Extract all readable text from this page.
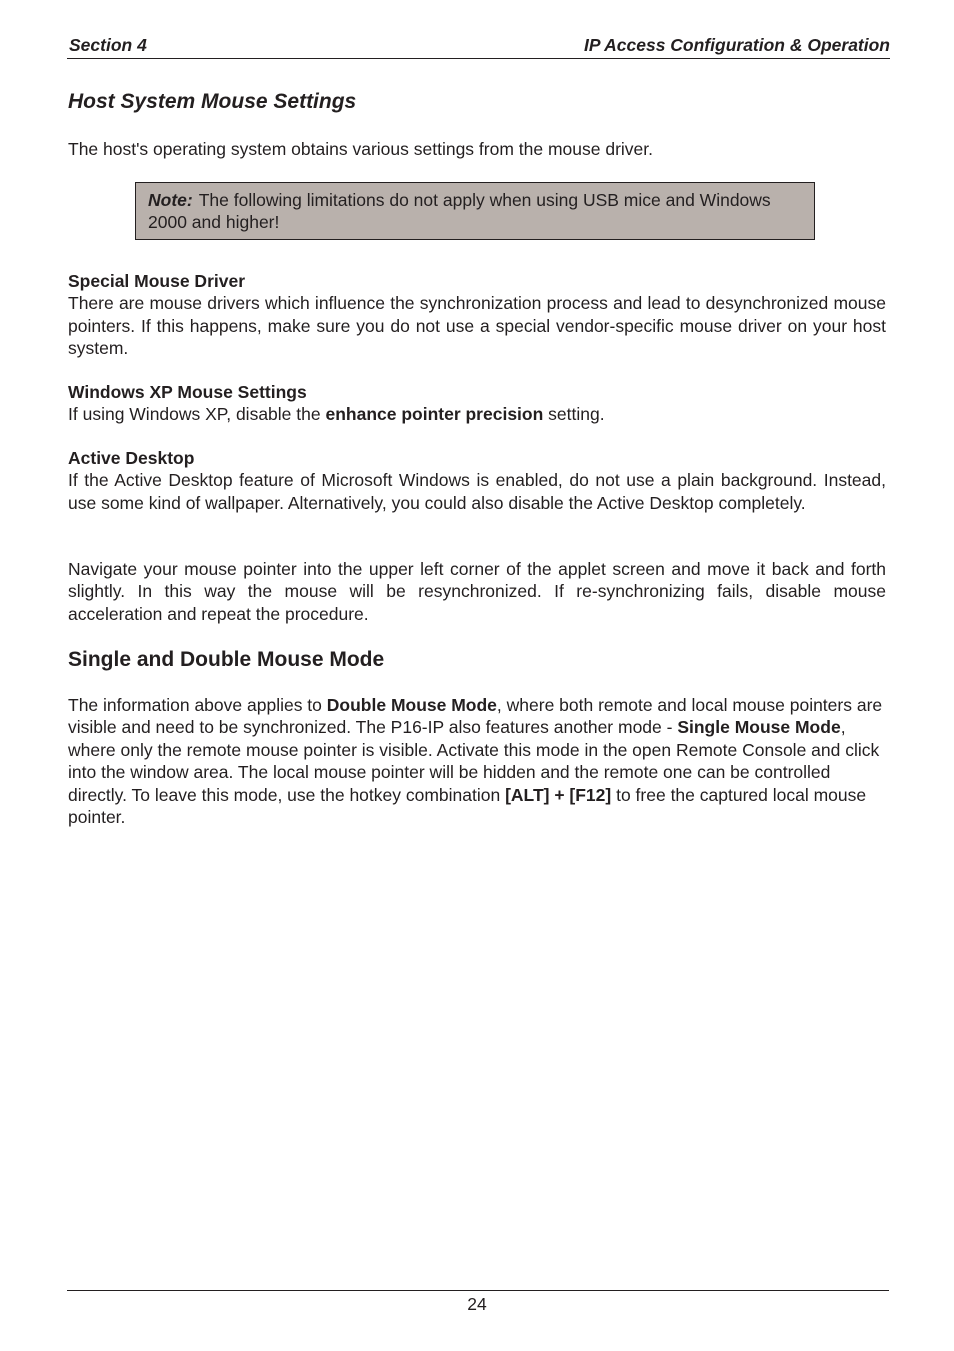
Section 4	IP Access Configuration & Operation
Host System Mouse Settings

The host's operating system obtains various settings from the mouse driver.

Note: The following limitations do not apply when using USB mice and Windows 2000 and higher!
Special Mouse Driver
There are mouse drivers which influence the synchronization process and lead to desynchronized mouse pointers. If this happens, make sure you do not use a special vendor-specific mouse driver on your host system.
Windows XP Mouse Settings
If using Windows XP, disable the enhance pointer precision setting.
Active Desktop
If the Active Desktop feature of Microsoft Windows is enabled, do not use a plain background. Instead, use some kind of wallpaper. Alternatively, you could also disable the Active Desktop completely.

Navigate your mouse pointer into the upper left corner of the applet screen and move it back and forth slightly. In this way the mouse will be resynchronized. If re-synchronizing fails, disable mouse acceleration and repeat the procedure.

Single and Double Mouse Mode

The information above applies to Double Mouse Mode, where both remote and local mouse pointers are visible and need to be synchronized. The P16-IP also features another mode - Single Mouse Mode, where only the remote mouse pointer is visible. Activate this mode in the open Remote Console and click into the window area. The local mouse pointer will be hidden and the remote one can be controlled directly. To leave this mode, use the hotkey combination [ALT] + [F12] to free the captured local mouse pointer.

24
